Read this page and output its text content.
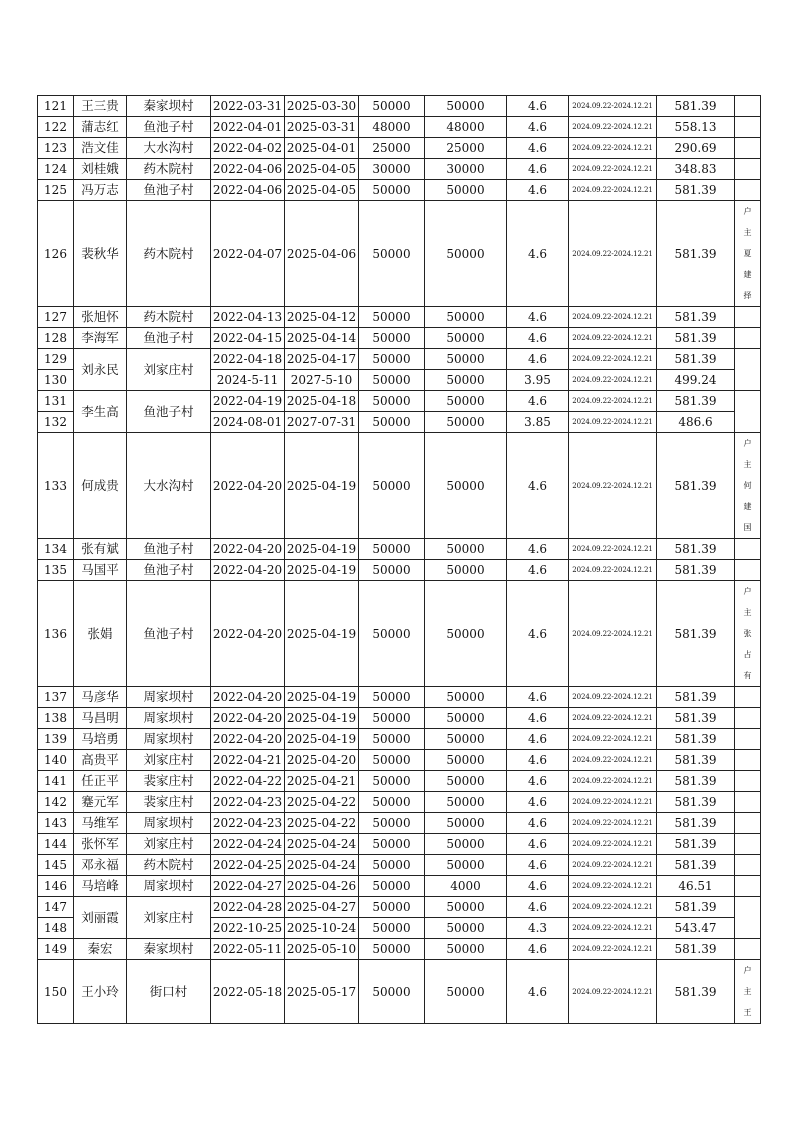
121	王三贵	秦家坝村	2022-03-31	2025-03-30	50000	50000	4.6	2024.09.22-2024.12.21	581.39	
122	蒲志红	鱼池子村	2022-04-01	2025-03-31	48000	48000	4.6	2024.09.22-2024.12.21	558.13	
123	浩文佳	大水沟村	2022-04-02	2025-04-01	25000	25000	4.6	2024.09.22-2024.12.21	290.69	
124	刘桂娥	药木院村	2022-04-06	2025-04-05	30000	30000	4.6	2024.09.22-2024.12.21	348.83	
125	冯万志	鱼池子村	2022-04-06	2025-04-05	50000	50000	4.6	2024.09.22-2024.12.21	581.39	
126	裴秋华	药木院村	2022-04-07	2025-04-06	50000	50000	4.6	2024.09.22-2024.12.21	581.39	户
主
夏
建
择

127	张旭怀	药木院村	2022-04-13	2025-04-12	50000	50000	4.6	2024.09.22-2024.12.21	581.39	
128	李海军	鱼池子村	2022-04-15	2025-04-14	50000	50000	4.6	2024.09.22-2024.12.21	581.39	
129	刘永民	刘家庄村	2022-04-18	2025-04-17	50000	50000	4.6	2024.09.22-2024.12.21	581.39	
130			2024-5-11	2027-5-10	50000	50000	3.95	2024.09.22-2024.12.21	499.24	
131	李生高	鱼池子村	2022-04-19	2025-04-18	50000	50000	4.6	2024.09.22-2024.12.21	581.39	
132			2024-08-01	2027-07-31	50000	50000	3.85	2024.09.22-2024.12.21	486.6	
133	何成贵	大水沟村	2022-04-20	2025-04-19	50000	50000	4.6	2024.09.22-2024.12.21	581.39	户
主
何
建
国

134	张有斌	鱼池子村	2022-04-20	2025-04-19	50000	50000	4.6	2024.09.22-2024.12.21	581.39	
135	马国平	鱼池子村	2022-04-20	2025-04-19	50000	50000	4.6	2024.09.22-2024.12.21	581.39	
136	张娟	鱼池子村	2022-04-20	2025-04-19	50000	50000	4.6	2024.09.22-2024.12.21	581.39	户
主
张
占
有

137	马彦华	周家坝村	2022-04-20	2025-04-19	50000	50000	4.6	2024.09.22-2024.12.21	581.39	
138	马昌明	周家坝村	2022-04-20	2025-04-19	50000	50000	4.6	2024.09.22-2024.12.21	581.39	
139	马培勇	周家坝村	2022-04-20	2025-04-19	50000	50000	4.6	2024.09.22-2024.12.21	581.39	
140	高贵平	刘家庄村	2022-04-21	2025-04-20	50000	50000	4.6	2024.09.22-2024.12.21	581.39	
141	任正平	裴家庄村	2022-04-22	2025-04-21	50000	50000	4.6	2024.09.22-2024.12.21	581.39	
142	蹇元军	裴家庄村	2022-04-23	2025-04-22	50000	50000	4.6	2024.09.22-2024.12.21	581.39	
143	马维军	周家坝村	2022-04-23	2025-04-22	50000	50000	4.6	2024.09.22-2024.12.21	581.39	
144	张怀军	刘家庄村	2022-04-24	2025-04-24	50000	50000	4.6	2024.09.22-2024.12.21	581.39	
145	邓永福	药木院村	2022-04-25	2025-04-24	50000	50000	4.6	2024.09.22-2024.12.21	581.39	
146	马培峰	周家坝村	2022-04-27	2025-04-26	50000	4000	4.6	2024.09.22-2024.12.21	46.51	
147	刘丽霞	刘家庄村	2022-04-28	2025-04-27	50000	50000	4.6	2024.09.22-2024.12.21	581.39	
148			2022-10-25	2025-10-24	50000	50000	4.3	2024.09.22-2024.12.21	543.47	
149	秦宏	秦家坝村	2022-05-11	2025-05-10	50000	50000	4.6	2024.09.22-2024.12.21	581.39	
150	王小玲	街口村	2022-05-18	2025-05-17	50000	50000	4.6	2024.09.22-2024.12.21	581.39	户
主
王
